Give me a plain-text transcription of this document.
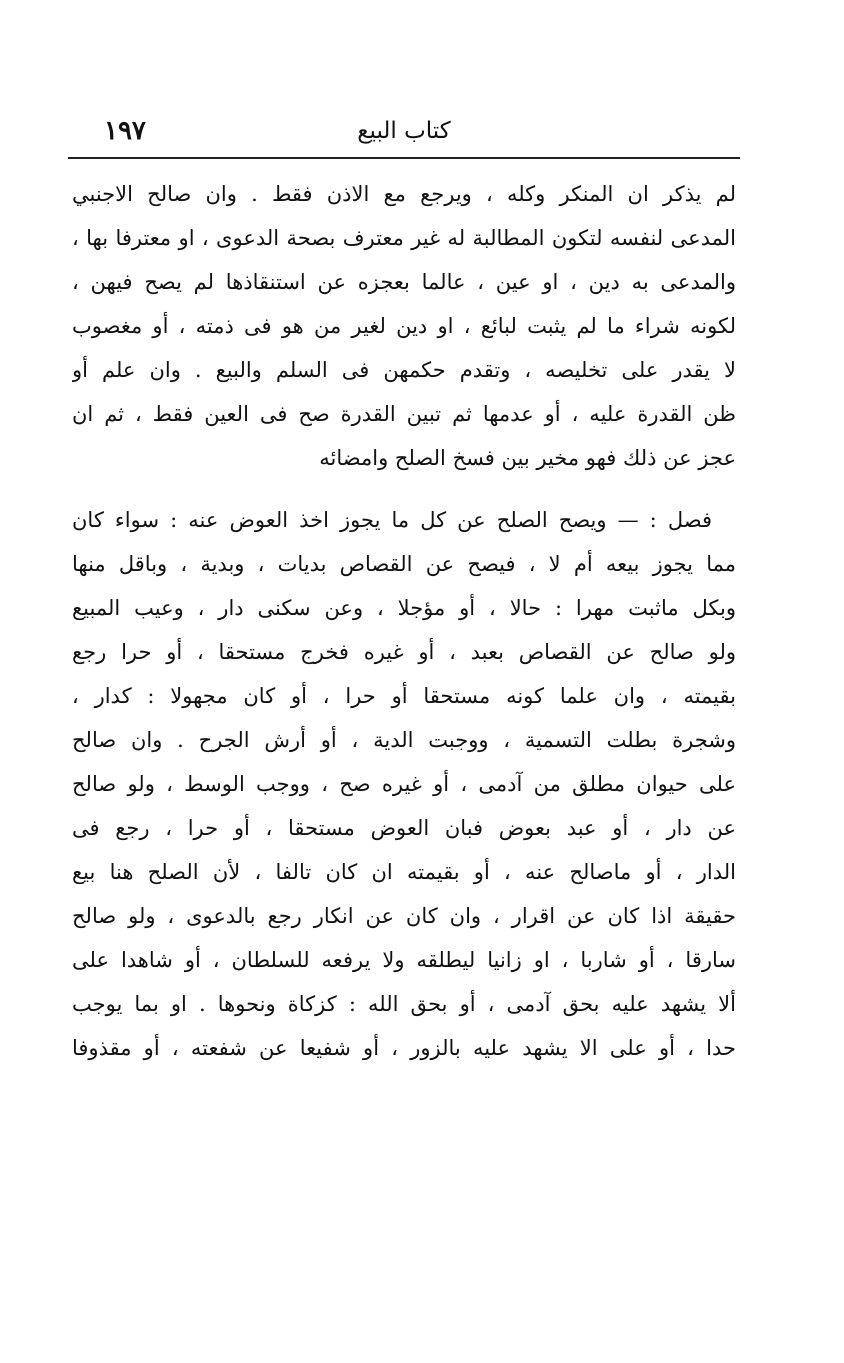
كتاب البيع
١٩٧
لم يذكر ان المنكر وكله ، ويرجع مع الاذن فقط . وان صالح الاجنبي
المدعى لنفسه لتكون المطالبة له غير معترف بصحة الدعوى ، او معترفا بها ،
والمدعى به دين ، او عين ، عالما بعجزه عن استنقاذها لم يصح فيهن ،
لكونه شراء ما لم يثبت لبائع ، او دين لغير من هو فى ذمته ، أو مغصوب
لا يقدر على تخليصه ، وتقدم حكمهن فى السلم والبيع . وان علم أو
ظن القدرة عليه ، أو عدمها ثم تبين القدرة صح فى العين فقط ، ثم ان
عجز عن ذلك فهو مخير بين فسخ الصلح وامضائه
فصل : — ويصح الصلح عن كل ما يجوز اخذ العوض عنه : سواء كان
مما يجوز بيعه أم لا ، فيصح عن القصاص بديات ، وبدية ، وباقل منها
وبكل ماثبت مهرا : حالا ، أو مؤجلا ، وعن سكنى دار ، وعيب المبيع
ولو صالح عن القصاص بعبد ، أو غيره فخرج مستحقا ، أو حرا رجع
بقيمته ، وان علما كونه مستحقا أو حرا ، أو كان مجهولا : كدار ،
وشجرة بطلت التسمية ، ووجبت الدية ، أو أرش الجرح . وان صالح
على حيوان مطلق من آدمى ، أو غيره صح ، ووجب الوسط ، ولو صالح
عن دار ، أو عبد بعوض فبان العوض مستحقا ، أو حرا ، رجع فى
الدار ، أو ماصالح عنه ، أو بقيمته ان كان تالفا ، لأن الصلح هنا بيع
حقيقة اذا كان عن اقرار ، وان كان عن انكار رجع بالدعوى ، ولو صالح
سارقا ، أو شاربا ، او زانيا ليطلقه ولا يرفعه للسلطان ، أو شاهدا على
ألا يشهد عليه بحق آدمى ، أو بحق الله : كزكاة ونحوها . او بما يوجب
حدا ، أو على الا يشهد عليه بالزور ، أو شفيعا عن شفعته ، أو مقذوفا
